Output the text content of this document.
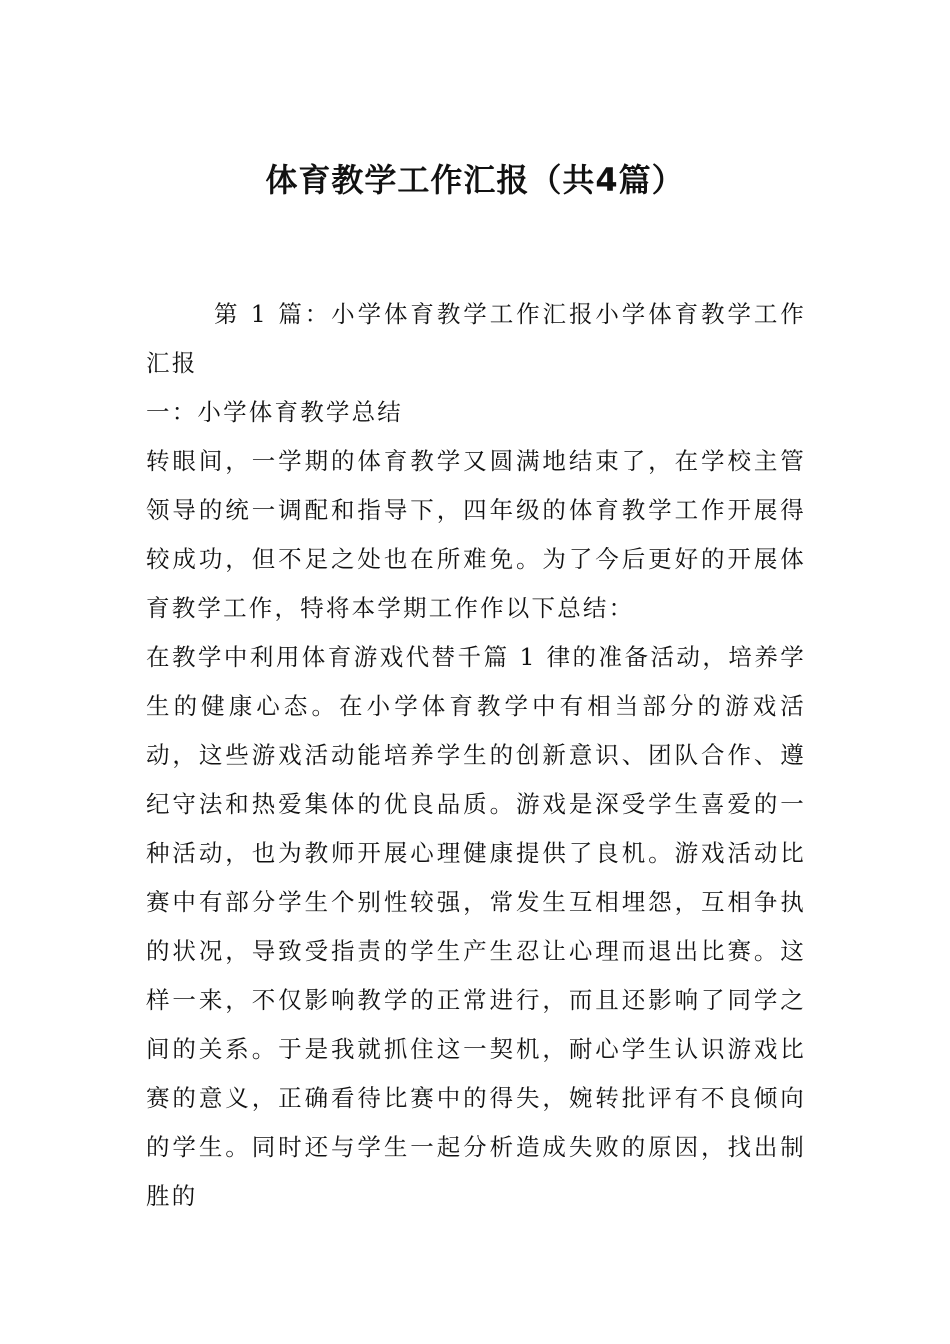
体育教学工作汇报（共4篇）

第 1 篇：小学体育教学工作汇报小学体育教学工作汇报

一：小学体育教学总结

转眼间，一学期的体育教学又圆满地结束了，在学校主管领导的统一调配和指导下，四年级的体育教学工作开展得较成功，但不足之处也在所难免。为了今后更好的开展体育教学工作，特将本学期工作作以下总结：

在教学中利用体育游戏代替千篇 1 律的准备活动，培养学生的健康心态。在小学体育教学中有相当部分的游戏活动，这些游戏活动能培养学生的创新意识、团队合作、遵纪守法和热爱集体的优良品质。游戏是深受学生喜爱的一种活动，也为教师开展心理健康提供了良机。游戏活动比赛中有部分学生个别性较强，常发生互相埋怨，互相争执的状况，导致受指责的学生产生忍让心理而退出比赛。这样一来，不仅影响教学的正常进行，而且还影响了同学之间的关系。于是我就抓住这一契机，耐心学生认识游戏比赛的意义，正确看待比赛中的得失，婉转批评有不良倾向的学生。同时还与学生一起分析造成失败的原因，找出制胜的
